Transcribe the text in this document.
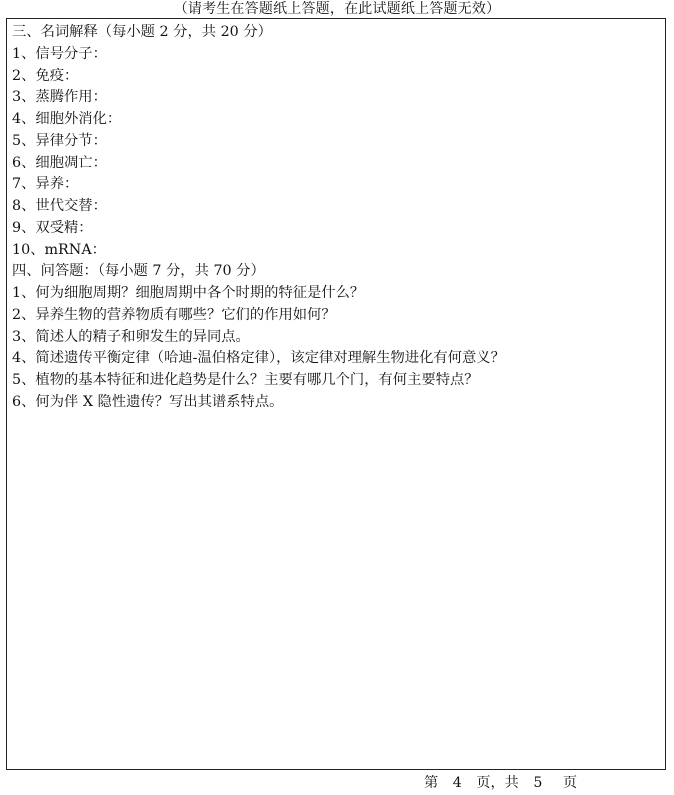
（请考生在答题纸上答题，在此试题纸上答题无效）
三、名词解释（每小题 2 分，共 20 分）
1、信号分子：
2、免疫：
3、蒸腾作用：
4、细胞外消化：
5、异律分节：
6、细胞凋亡：
7、异养：
8、世代交替：
9、双受精：
10、mRNA：
四、问答题：（每小题 7 分，共 70 分）
1、何为细胞周期？细胞周期中各个时期的特征是什么？
2、异养生物的营养物质有哪些？它们的作用如何？
3、简述人的精子和卵发生的异同点。
4、简述遗传平衡定律（哈迪-温伯格定律），该定律对理解生物进化有何意义？
5、植物的基本特征和进化趋势是什么？主要有哪几个门，有何主要特点？
6、何为伴 X 隐性遗传？写出其谱系特点。
第 4 页，共 5 页
